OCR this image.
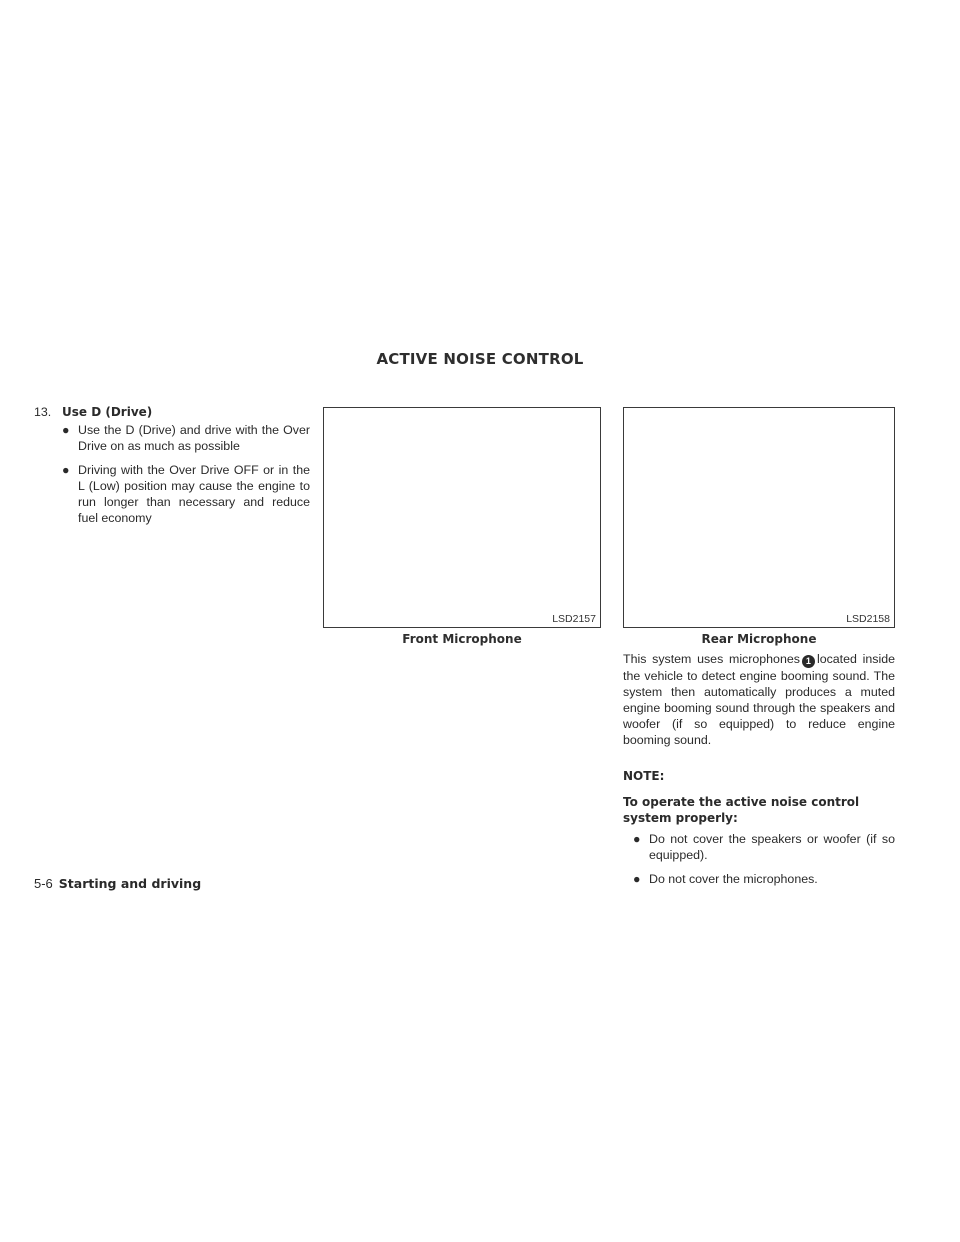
ACTIVE NOISE CONTROL
13. Use D (Drive)
● Use the D (Drive) and drive with the Over Drive on as much as possible
● Driving with the Over Drive OFF or in the L (Low) position may cause the engine to run longer than necessary and reduce fuel economy
LSD2157
Front Microphone
LSD2158
Rear Microphone

This system uses microphones 1 located inside the vehicle to detect engine booming sound. The system then automatically produces a muted engine booming sound through the speakers and woofer (if so equipped) to reduce engine booming sound.

NOTE:
To operate the active noise control system properly:
● Do not cover the speakers or woofer (if so equipped).
● Do not cover the microphones.
5-6 Starting and driving
